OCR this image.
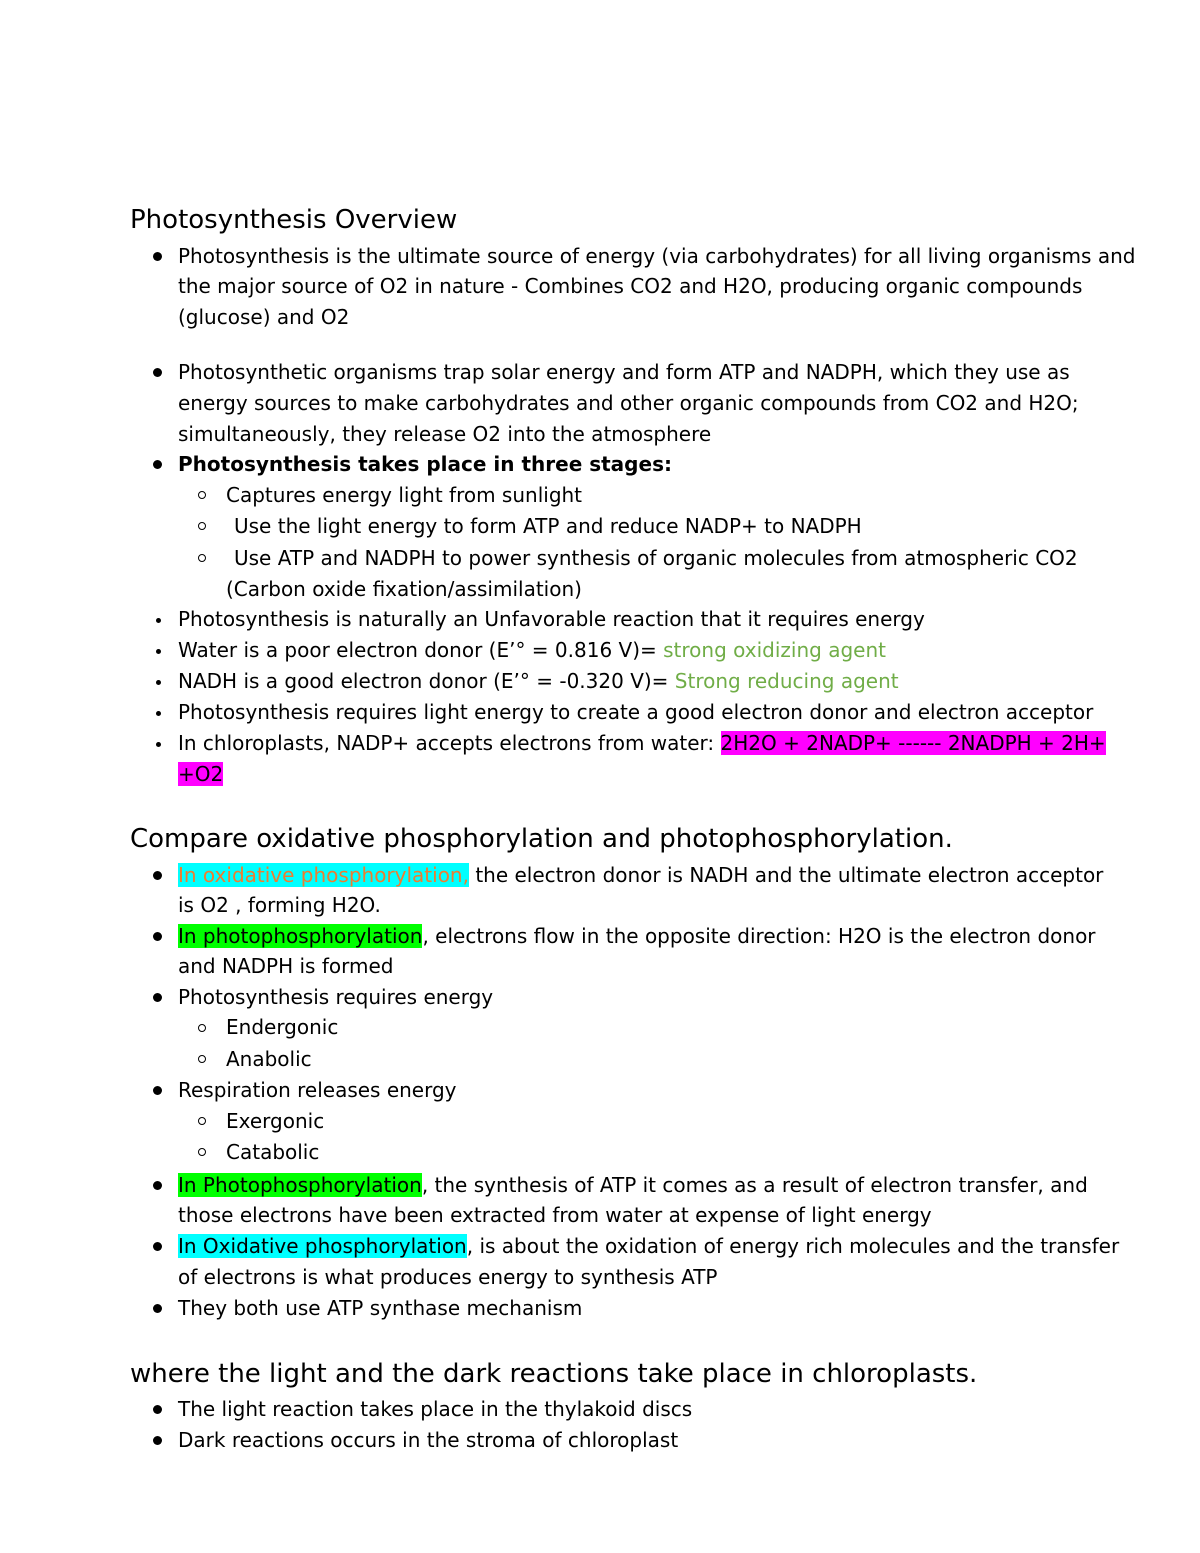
Photosynthesis Overview
Photosynthesis is the ultimate source of energy (via carbohydrates) for all living organisms and
the major source of O2 in nature - Combines CO2 and H2O, producing organic compounds
(glucose) and O2
Photosynthetic organisms trap solar energy and form ATP and NADPH, which they use as
energy sources to make carbohydrates and other organic compounds from CO2 and H2O;
simultaneously, they release O2 into the atmosphere
Photosynthesis takes place in three stages:
Captures energy light from sunlight
Use the light energy to form ATP and reduce NADP+ to NADPH
Use ATP and NADPH to power synthesis of organic molecules from atmospheric CO2
(Carbon oxide fixation/assimilation)
Photosynthesis is naturally an Unfavorable reaction that it requires energy
Water is a poor electron donor (E’° = 0.816 V)= strong oxidizing agent
NADH is a good electron donor (E’° = -0.320 V)= Strong reducing agent
Photosynthesis requires light energy to create a good electron donor and electron acceptor
In chloroplasts, NADP+ accepts electrons from water: 2H2O + 2NADP+ ------ 2NADPH + 2H+
+O2
Compare oxidative phosphorylation and photophosphorylation.
In oxidative phosphorylation, the electron donor is NADH and the ultimate electron acceptor
is O2 , forming H2O.
In photophosphorylation, electrons flow in the opposite direction: H2O is the electron donor
and NADPH is formed
Photosynthesis requires energy
Endergonic
Anabolic
Respiration releases energy
Exergonic
Catabolic
In Photophosphorylation, the synthesis of ATP it comes as a result of electron transfer, and
those electrons have been extracted from water at expense of light energy
In Oxidative phosphorylation, is about the oxidation of energy rich molecules and the transfer
of electrons is what produces energy to synthesis ATP
They both use ATP synthase mechanism
where the light and the dark reactions take place in chloroplasts.
The light reaction takes place in the thylakoid discs
Dark reactions occurs in the stroma of chloroplast
